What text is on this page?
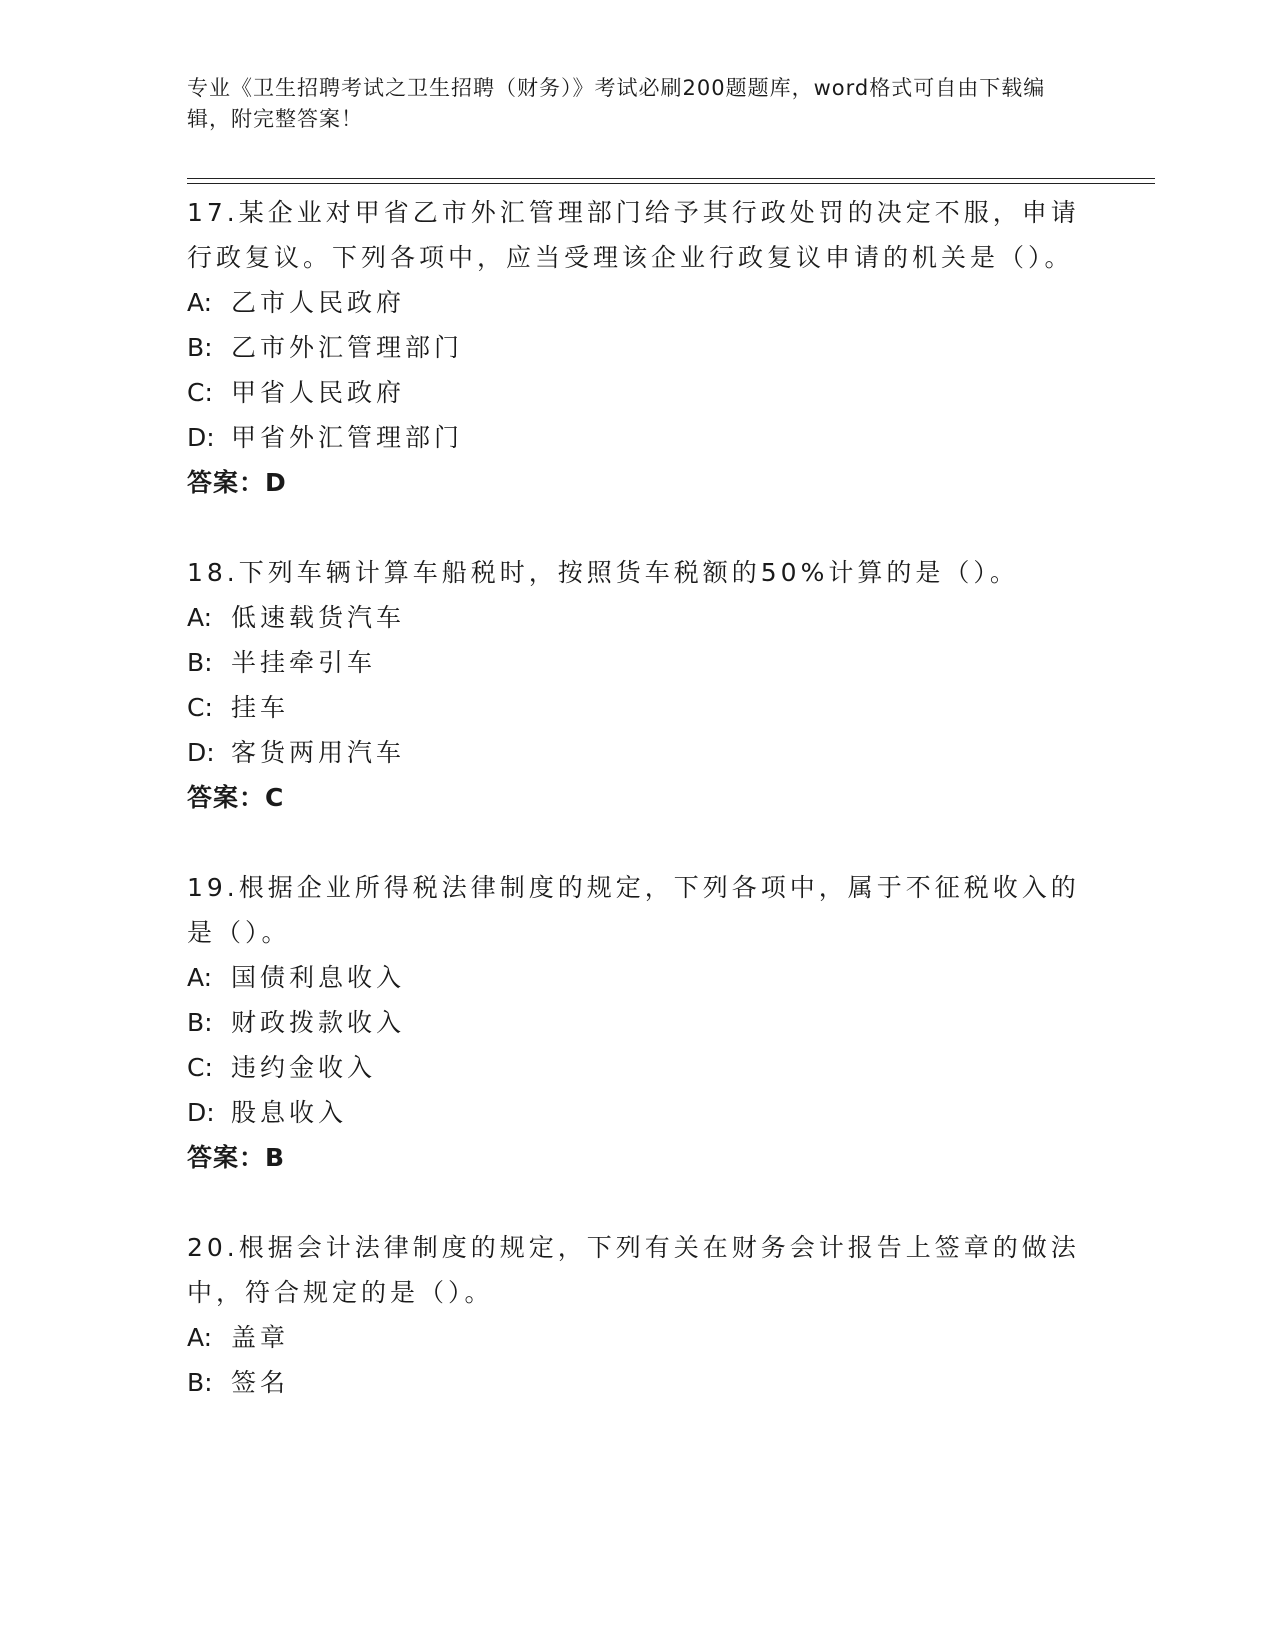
专业《卫生招聘考试之卫生招聘（财务）》考试必刷200题题库，word格式可自由下载编辑，附完整答案！

17.某企业对甲省乙市外汇管理部门给予其行政处罚的决定不服，申请行政复议。下列各项中，应当受理该企业行政复议申请的机关是（）。

A: 乙市人民政府

B: 乙市外汇管理部门

C: 甲省人民政府

D: 甲省外汇管理部门

答案：D

18.下列车辆计算车船税时，按照货车税额的50%计算的是（）。

A: 低速载货汽车

B: 半挂牵引车

C: 挂车

D: 客货两用汽车

答案：C

19.根据企业所得税法律制度的规定，下列各项中，属于不征税收入的是（）。

A: 国债利息收入

B: 财政拨款收入

C: 违约金收入

D: 股息收入

答案：B

20.根据会计法律制度的规定，下列有关在财务会计报告上签章的做法中，符合规定的是（）。

A: 盖章

B: 签名
